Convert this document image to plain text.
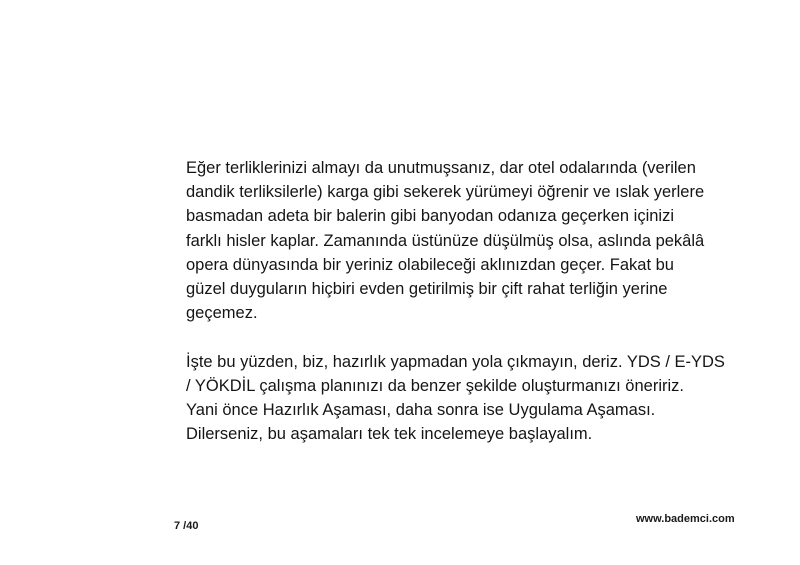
Eğer terliklerinizi almayı da unutmuşsanız, dar otel odalarında (verilen
dandik terliksilerle) karga gibi sekerek yürümeyi öğrenir ve ıslak yerlere
basmadan adeta bir balerin gibi banyodan odanıza geçerken içinizi
farklı hisler kaplar. Zamanında üstünüze düşülmüş olsa, aslında pekâlâ
opera dünyasında bir yeriniz olabileceği aklınızdan geçer. Fakat bu
güzel duyguların hiçbiri evden getirilmiş bir çift rahat terliğin yerine
geçemez.
İşte bu yüzden, biz, hazırlık yapmadan yola çıkmayın, deriz. YDS / E-YDS
/ YÖKDİL çalışma planınızı da benzer şekilde oluşturmanızı öneririz.
Yani önce Hazırlık Aşaması, daha sonra ise Uygulama Aşaması.
Dilerseniz, bu aşamaları tek tek incelemeye başlayalım.
7 /40
www.bademci.com
